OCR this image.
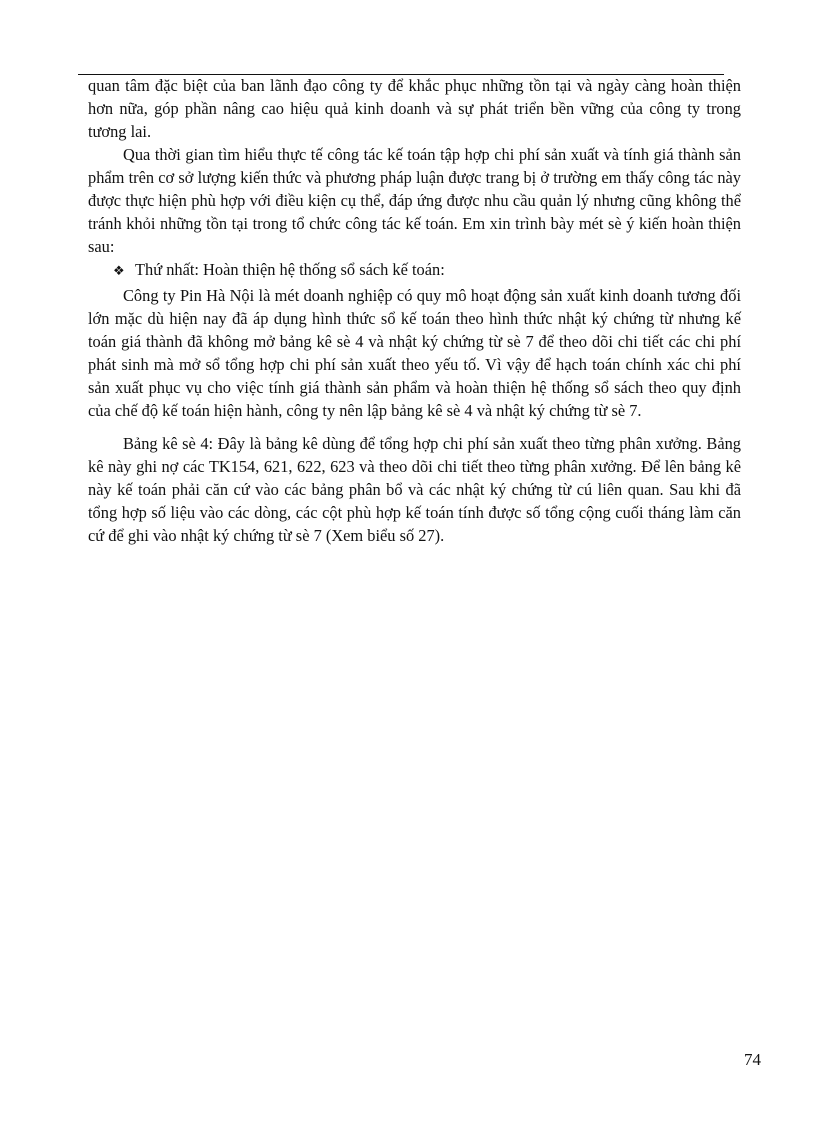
quan tâm đặc biệt của ban lãnh đạo công ty để khắc phục những tồn tại và ngày càng hoàn thiện hơn nữa, góp phần nâng cao hiệu quả kinh doanh và sự phát triển bền vững của công ty trong tương lai.

Qua thời gian tìm hiểu thực tế công tác kế toán tập hợp chi phí sản xuất và tính giá thành sản phẩm trên cơ sở lượng kiến thức và phương pháp luận được trang bị ở trường em thấy công tác này được thực hiện phù hợp với điều kiện cụ thể, đáp ứng được nhu cầu quản lý nhưng cũng không thể tránh khỏi những tồn tại trong tổ chức công tác kế toán. Em xin trình bày mét sè ý kiến hoàn thiện sau:

❖ Thứ nhất: Hoàn thiện hệ thống sổ sách kế toán:

Công ty Pin Hà Nội là mét doanh nghiệp có quy mô hoạt động sản xuất kinh doanh tương đối lớn mặc dù hiện nay đã áp dụng hình thức sổ kế toán theo hình thức nhật ký chứng từ nhưng kế toán giá thành đã không mở bảng kê sè 4 và nhật ký chứng từ sè 7 để theo dõi chi tiết các chi phí phát sinh mà mở sổ tổng hợp chi phí sản xuất theo yếu tố. Vì vậy để hạch toán chính xác chi phí sản xuất phục vụ cho việc tính giá thành sản phẩm và hoàn thiện hệ thống sổ sách theo quy định của chế độ kế toán hiện hành, công ty nên lập bảng kê sè 4 và nhật ký chứng từ sè 7.

Bảng kê sè 4: Đây là bảng kê dùng để tổng hợp chi phí sản xuất theo từng phân xưởng. Bảng kê này ghi nợ các TK154, 621, 622, 623 và theo dõi chi tiết theo từng phân xưởng. Để lên bảng kê này kế toán phải căn cứ vào các bảng phân bổ và các nhật ký chứng từ cú liên quan. Sau khi đã tổng hợp số liệu vào các dòng, các cột phù hợp kế toán tính được số tổng cộng cuối tháng làm căn cứ để ghi vào nhật ký chứng từ sè 7 (Xem biểu số 27).

74
